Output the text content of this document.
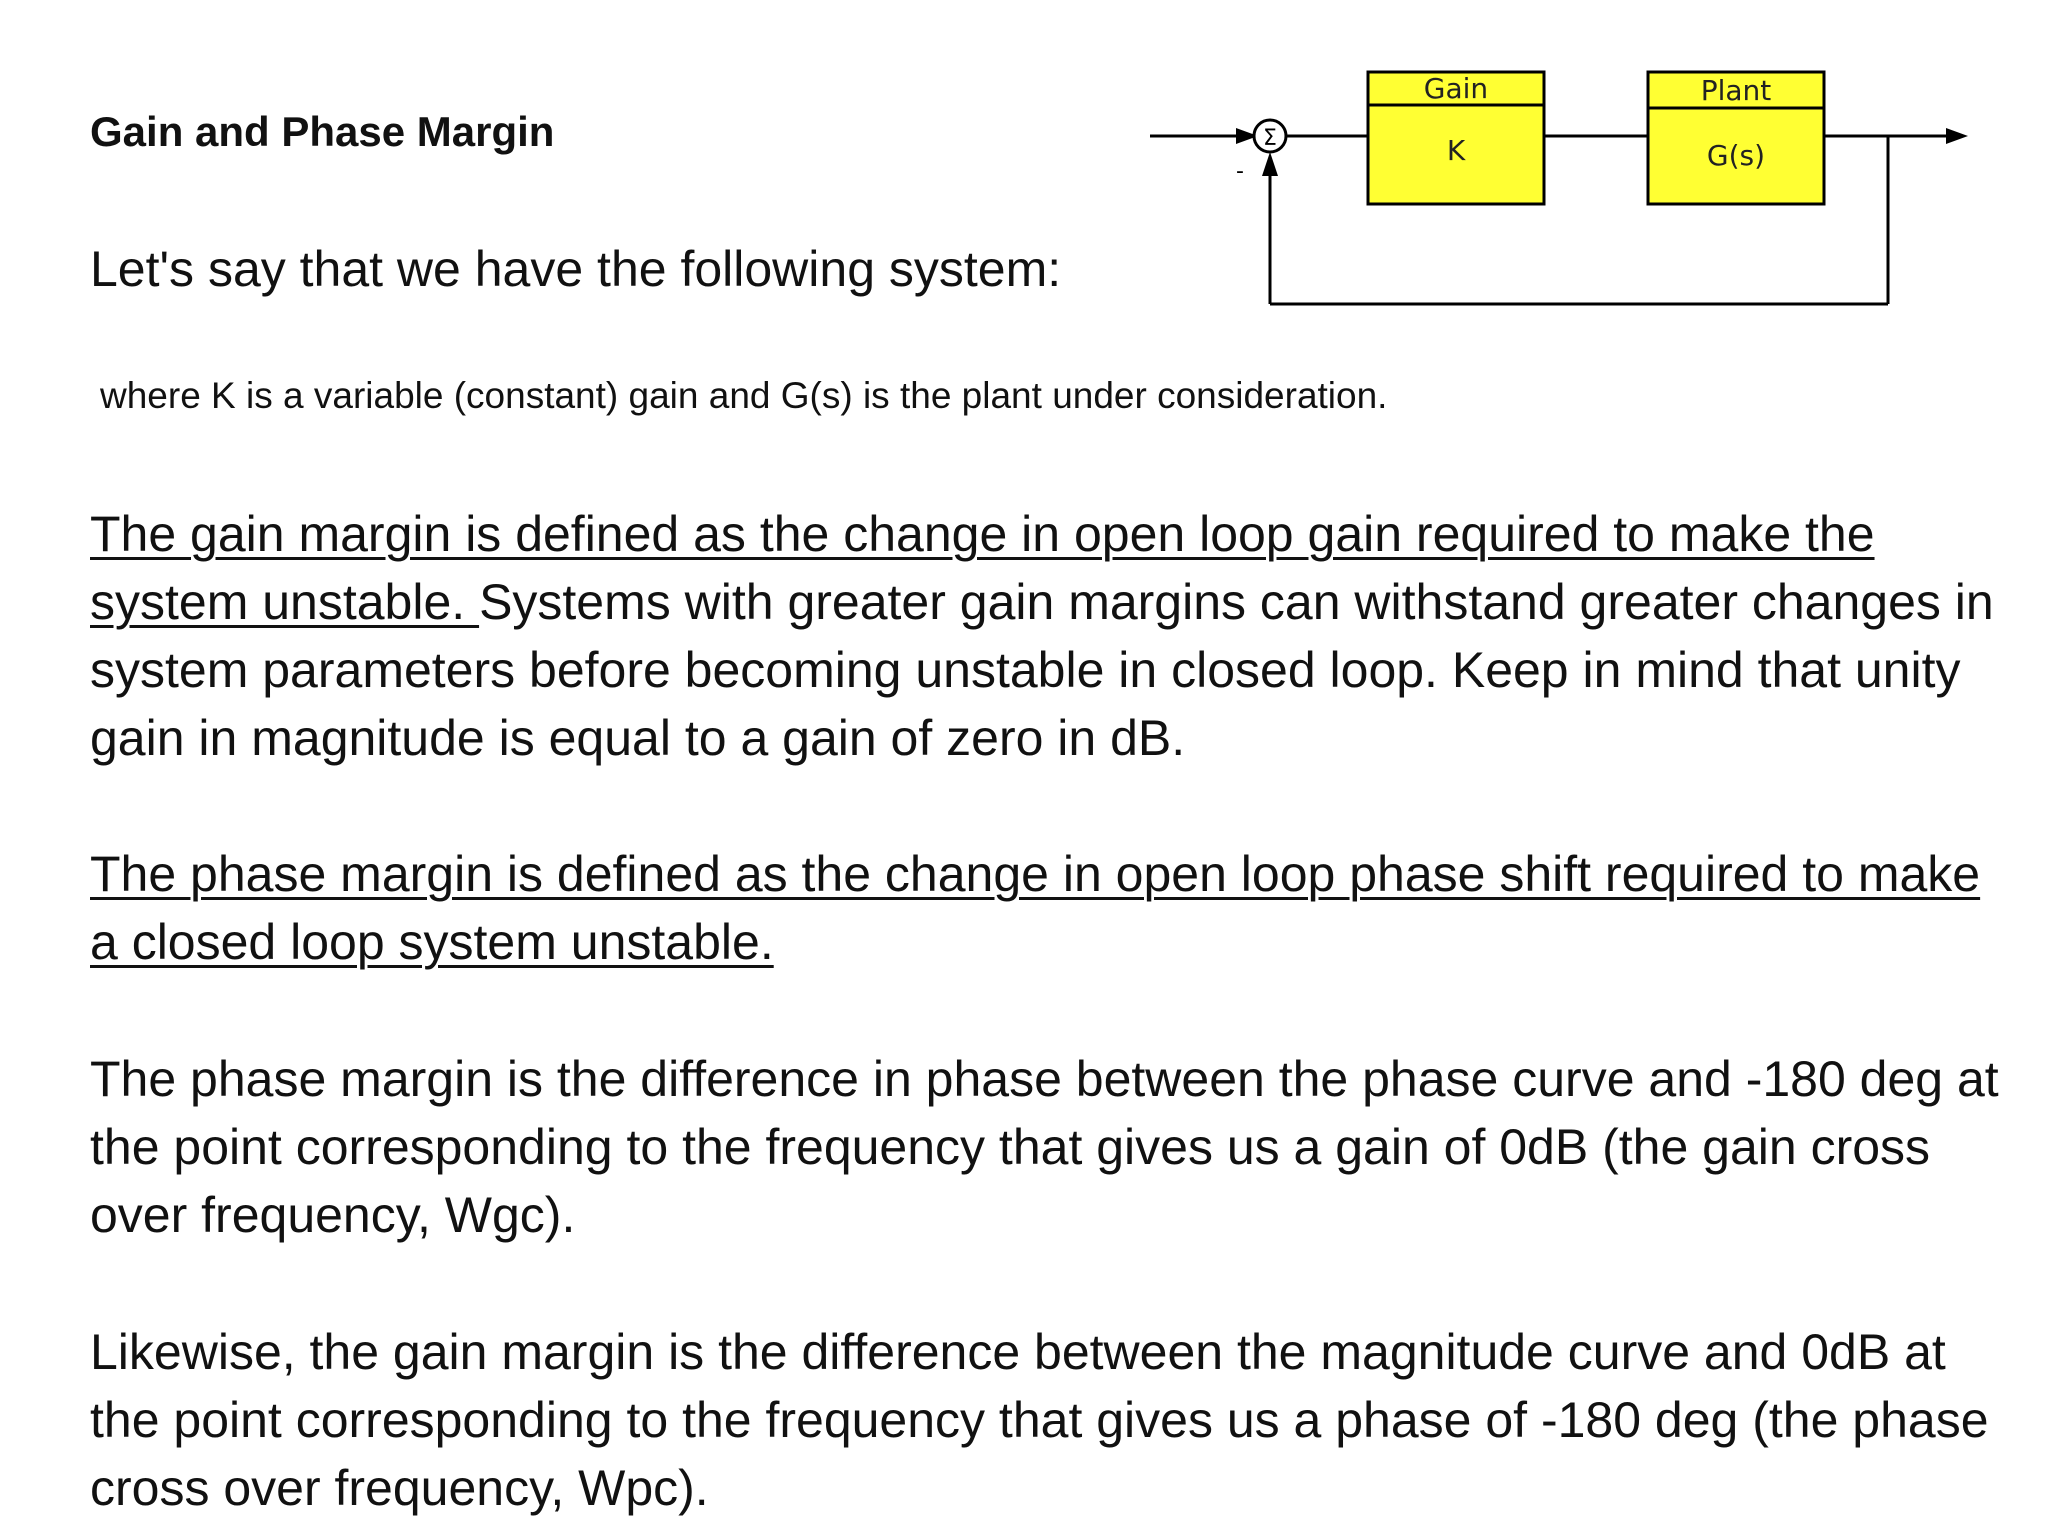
Gain and Phase Margin
Let's say that we have the following system:
Σ
-
Gain
K
Plant
G(s)
where K is a variable (constant) gain and G(s) is the plant under consideration.

The gain margin is defined as the change in open loop gain required to make the system unstable. Systems with greater gain margins can withstand greater changes in system parameters before becoming unstable in closed loop. Keep in mind that unity gain in magnitude is equal to a gain of zero in dB.

The phase margin is defined as the change in open loop phase shift required to make a closed loop system unstable.

The phase margin is the difference in phase between the phase curve and -180 deg at the point corresponding to the frequency that gives us a gain of 0dB (the gain cross over frequency, Wgc).

Likewise, the gain margin is the difference between the magnitude curve and 0dB at the point corresponding to the frequency that gives us a phase of -180 deg (the phase cross over frequency, Wpc).
